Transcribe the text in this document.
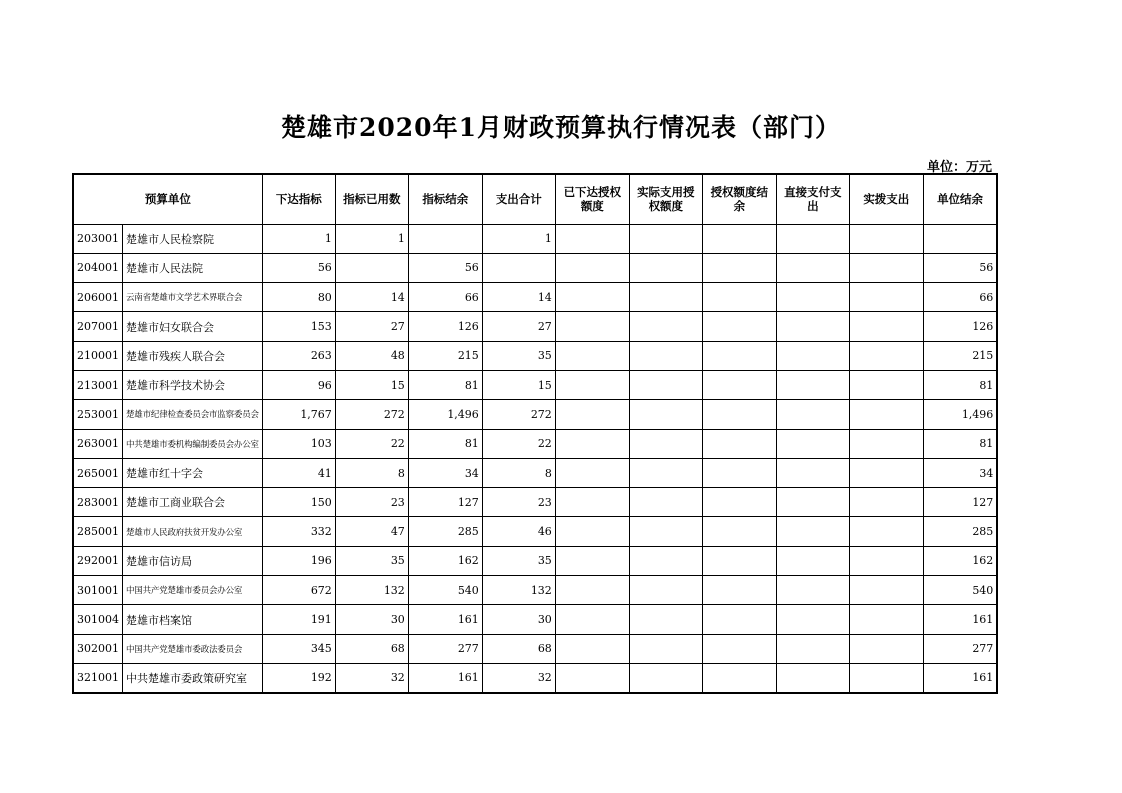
楚雄市2020年1月财政预算执行情况表（部门）
单位：万元
预算单位		下达指标	指标已用数	指标结余	支出合计	已下达授权额度	实际支用授权额度	授权额度结余	直接支付支出	实拨支出	单位结余
203001	楚雄市人民检察院	1	1		1						
204001	楚雄市人民法院	56		56							56
206001	云南省楚雄市文学艺术界联合会	80	14	66	14						66
207001	楚雄市妇女联合会	153	27	126	27						126
210001	楚雄市残疾人联合会	263	48	215	35						215
213001	楚雄市科学技术协会	96	15	81	15						81
253001	楚雄市纪律检查委员会市监察委员会	1,767	272	1,496	272						1,496
263001	中共楚雄市委机构编制委员会办公室	103	22	81	22						81
265001	楚雄市红十字会	41	8	34	8						34
283001	楚雄市工商业联合会	150	23	127	23						127
285001	楚雄市人民政府扶贫开发办公室	332	47	285	46						285
292001	楚雄市信访局	196	35	162	35						162
301001	中国共产党楚雄市委员会办公室	672	132	540	132						540
301004	楚雄市档案馆	191	30	161	30						161
302001	中国共产党楚雄市委政法委员会	345	68	277	68						277
321001	中共楚雄市委政策研究室	192	32	161	32						161
